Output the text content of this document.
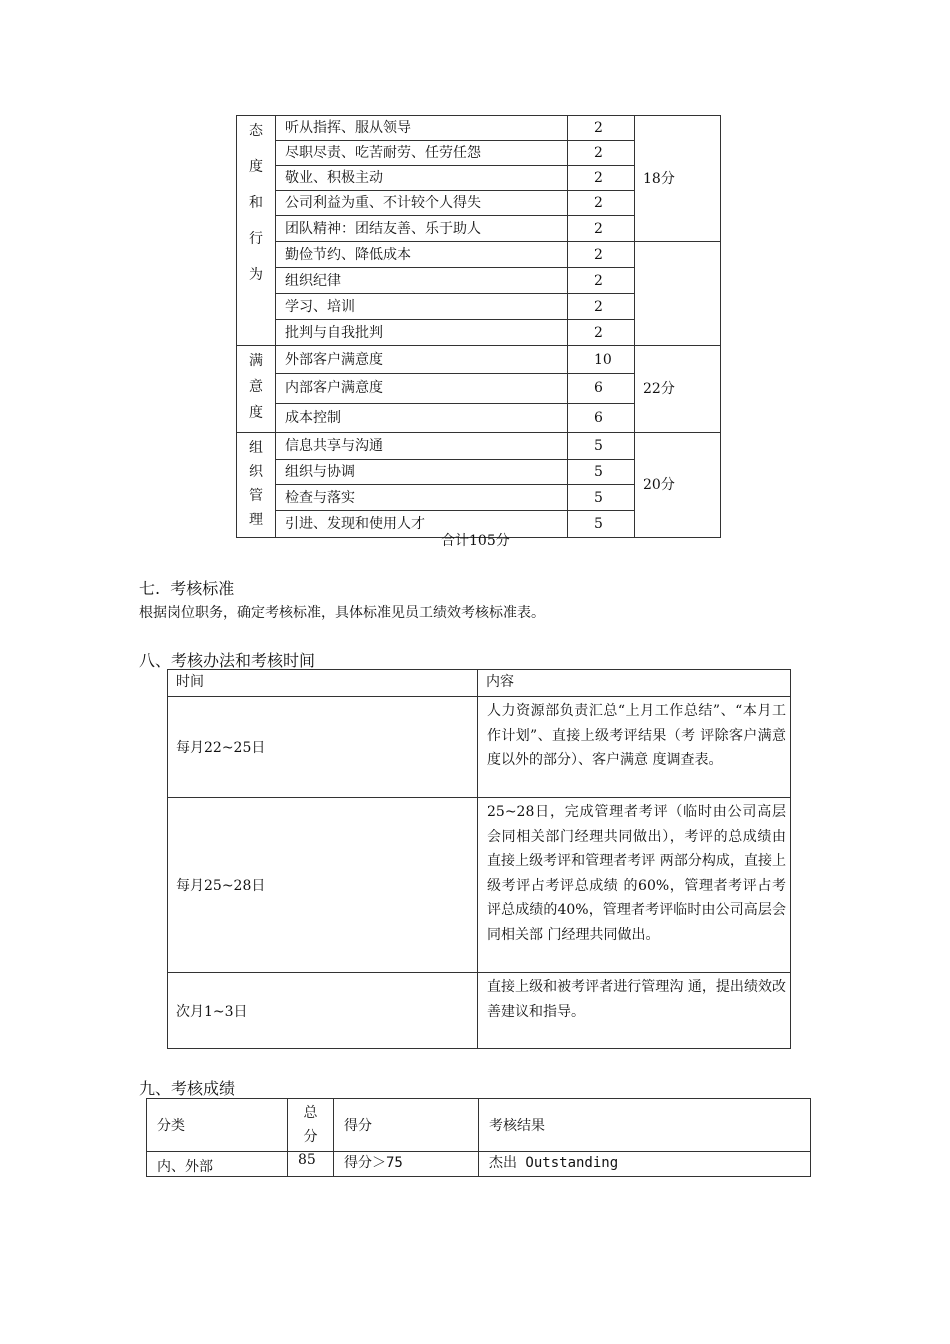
态
度
和
行
为	听从指挥、服从领导	2	18分
	尽职尽责、吃苦耐劳、任劳任怨	2	
	敬业、积极主动	2	
	公司利益为重、不计较个人得失	2	
	团队精神：团结友善、乐于助人	2	
	勤俭节约、降低成本	2	
	组织纪律	2	
	学习、培训	2	
	批判与自我批判	2	

满
意
度	外部客户满意度	10	22分
	内部客户满意度	6	
	成本控制	6	

组
织
管
理	信息共享与沟通	5	20分
	组织与协调	5	
	检查与落实	5	
	引进、发现和使用人才	5	
合计105分
七.  考核标准
根据岗位职务，确定考核标准，具体标准见员工绩效考核标准表。
八、考核办法和考核时间
时间	内容
每月22~25日	人力资源部负责汇总“上月工作总结”、“本月工作计划”、直接上级考评结果（考 评除客户满意度以外的部分）、客户满意 度调查表。
每月25~28日	25~28日，完成管理者考评（临时由公司高层会同相关部门经理共同做出），考评的总成绩由直接上级考评和管理者考评 两部分构成，直接上级考评占考评总成绩 的60%，管理者考评占考评总成绩的40%，管理者考评临时由公司高层会同相关部 门经理共同做出。
次月1~3日	直接上级和被考评者进行管理沟 通，提出绩效改善建议和指导。
九、考核成绩
分类	总分	得分	考核结果
内、外部	85	得分＞75	杰出 Outstanding
